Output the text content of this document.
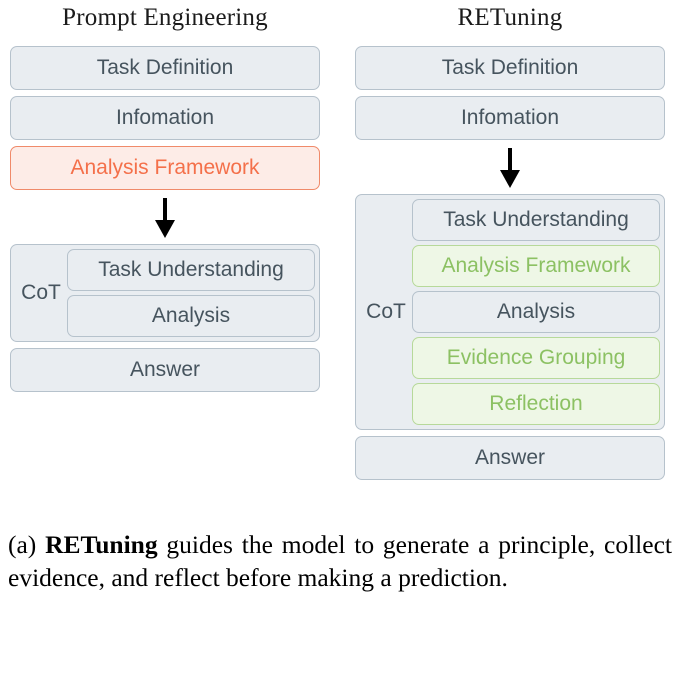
Prompt Engineering
Task Definition
Infomation
Analysis Framework
CoT
Task Understanding
Analysis
Answer
RETuning
Task Definition
Infomation
CoT
Task Understanding
Analysis Framework
Analysis
Evidence Grouping
Reflection
Answer
(a) RETuning guides the model to generate a principle, collect evidence, and reflect before making a prediction.
